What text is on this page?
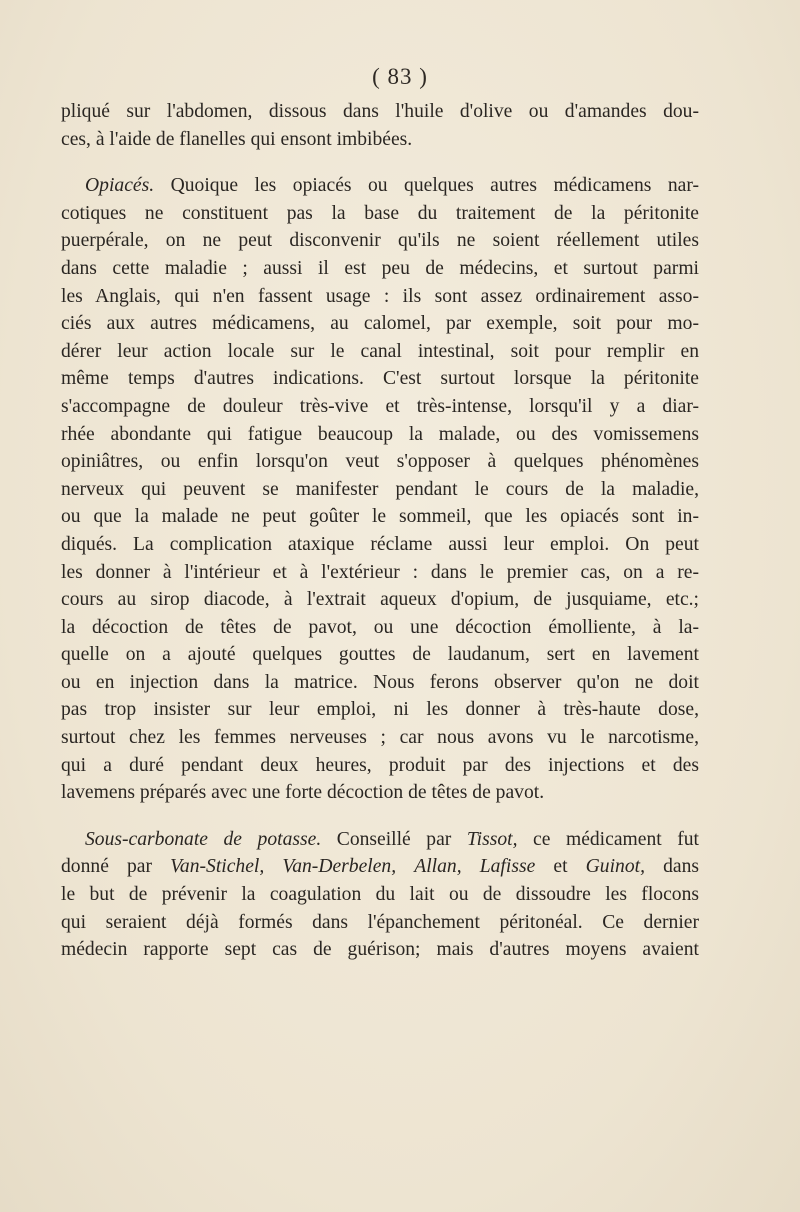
( 83 )
pliqué sur l'abdomen, dissous dans l'huile d'olive ou d'amandes dou-
ces, à l'aide de flanelles qui ensont imbibées.
Opiacés. Quoique les opiacés ou quelques autres médicamens nar-
cotiques ne constituent pas la base du traitement de la péritonite
puerpérale, on ne peut disconvenir qu'ils ne soient réellement utiles
dans cette maladie ; aussi il est peu de médecins, et surtout parmi
les Anglais, qui n'en fassent usage : ils sont assez ordinairement asso-
ciés aux autres médicamens, au calomel, par exemple, soit pour mo-
dérer leur action locale sur le canal intestinal, soit pour remplir en
même temps d'autres indications. C'est surtout lorsque la péritonite
s'accompagne de douleur très-vive et très-intense, lorsqu'il y a diar-
rhée abondante qui fatigue beaucoup la malade, ou des vomissemens
opiniâtres, ou enfin lorsqu'on veut s'opposer à quelques phénomènes
nerveux qui peuvent se manifester pendant le cours de la maladie,
ou que la malade ne peut goûter le sommeil, que les opiacés sont in-
diqués. La complication ataxique réclame aussi leur emploi. On peut
les donner à l'intérieur et à l'extérieur : dans le premier cas, on a re-
cours au sirop diacode, à l'extrait aqueux d'opium, de jusquiame, etc.;
la décoction de têtes de pavot, ou une décoction émolliente, à la-
quelle on a ajouté quelques gouttes de laudanum, sert en lavement
ou en injection dans la matrice. Nous ferons observer qu'on ne doit
pas trop insister sur leur emploi, ni les donner à très-haute dose,
surtout chez les femmes nerveuses ; car nous avons vu le narcotisme,
qui a duré pendant deux heures, produit par des injections et des
lavemens préparés avec une forte décoction de têtes de pavot.
Sous-carbonate de potasse. Conseillé par Tissot, ce médicament fut
donné par Van-Stichel, Van-Derbelen, Allan, Lafisse et Guinot, dans
le but de prévenir la coagulation du lait ou de dissoudre les flocons
qui seraient déjà formés dans l'épanchement péritonéal. Ce dernier
médecin rapporte sept cas de guérison; mais d'autres moyens avaient
